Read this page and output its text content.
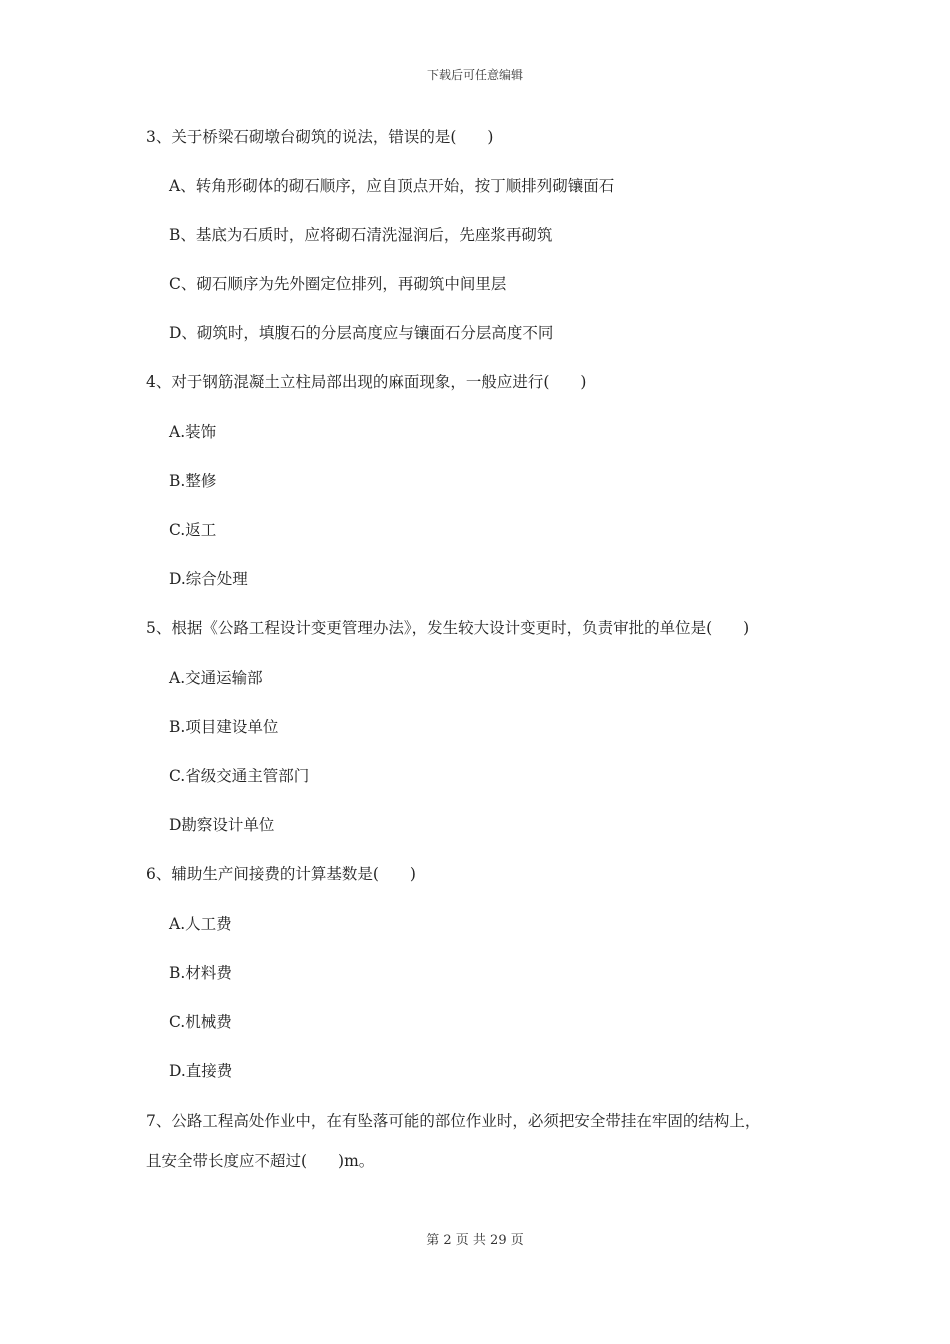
下载后可任意编辑
3、关于桥梁石砌墩台砌筑的说法，错误的是(　　)
A、转角形砌体的砌石顺序，应自顶点开始，按丁顺排列砌镶面石
B、基底为石质时，应将砌石清洗湿润后，先座浆再砌筑
C、砌石顺序为先外圈定位排列，再砌筑中间里层
D、砌筑时，填腹石的分层高度应与镶面石分层高度不同
4、对于钢筋混凝土立柱局部出现的麻面现象，一般应进行(　　)
A.装饰
B.整修
C.返工
D.综合处理
5、根据《公路工程设计变更管理办法》，发生较大设计变更时，负责审批的单位是(　　)
A.交通运输部
B.项目建设单位
C.省级交通主管部门
D勘察设计单位
6、辅助生产间接费的计算基数是(　　)
A.人工费
B.材料费
C.机械费
D.直接费
7、公路工程高处作业中，在有坠落可能的部位作业时，必须把安全带挂在牢固的结构上，
且安全带长度应不超过(　　)m。
第 2 页 共 29 页
